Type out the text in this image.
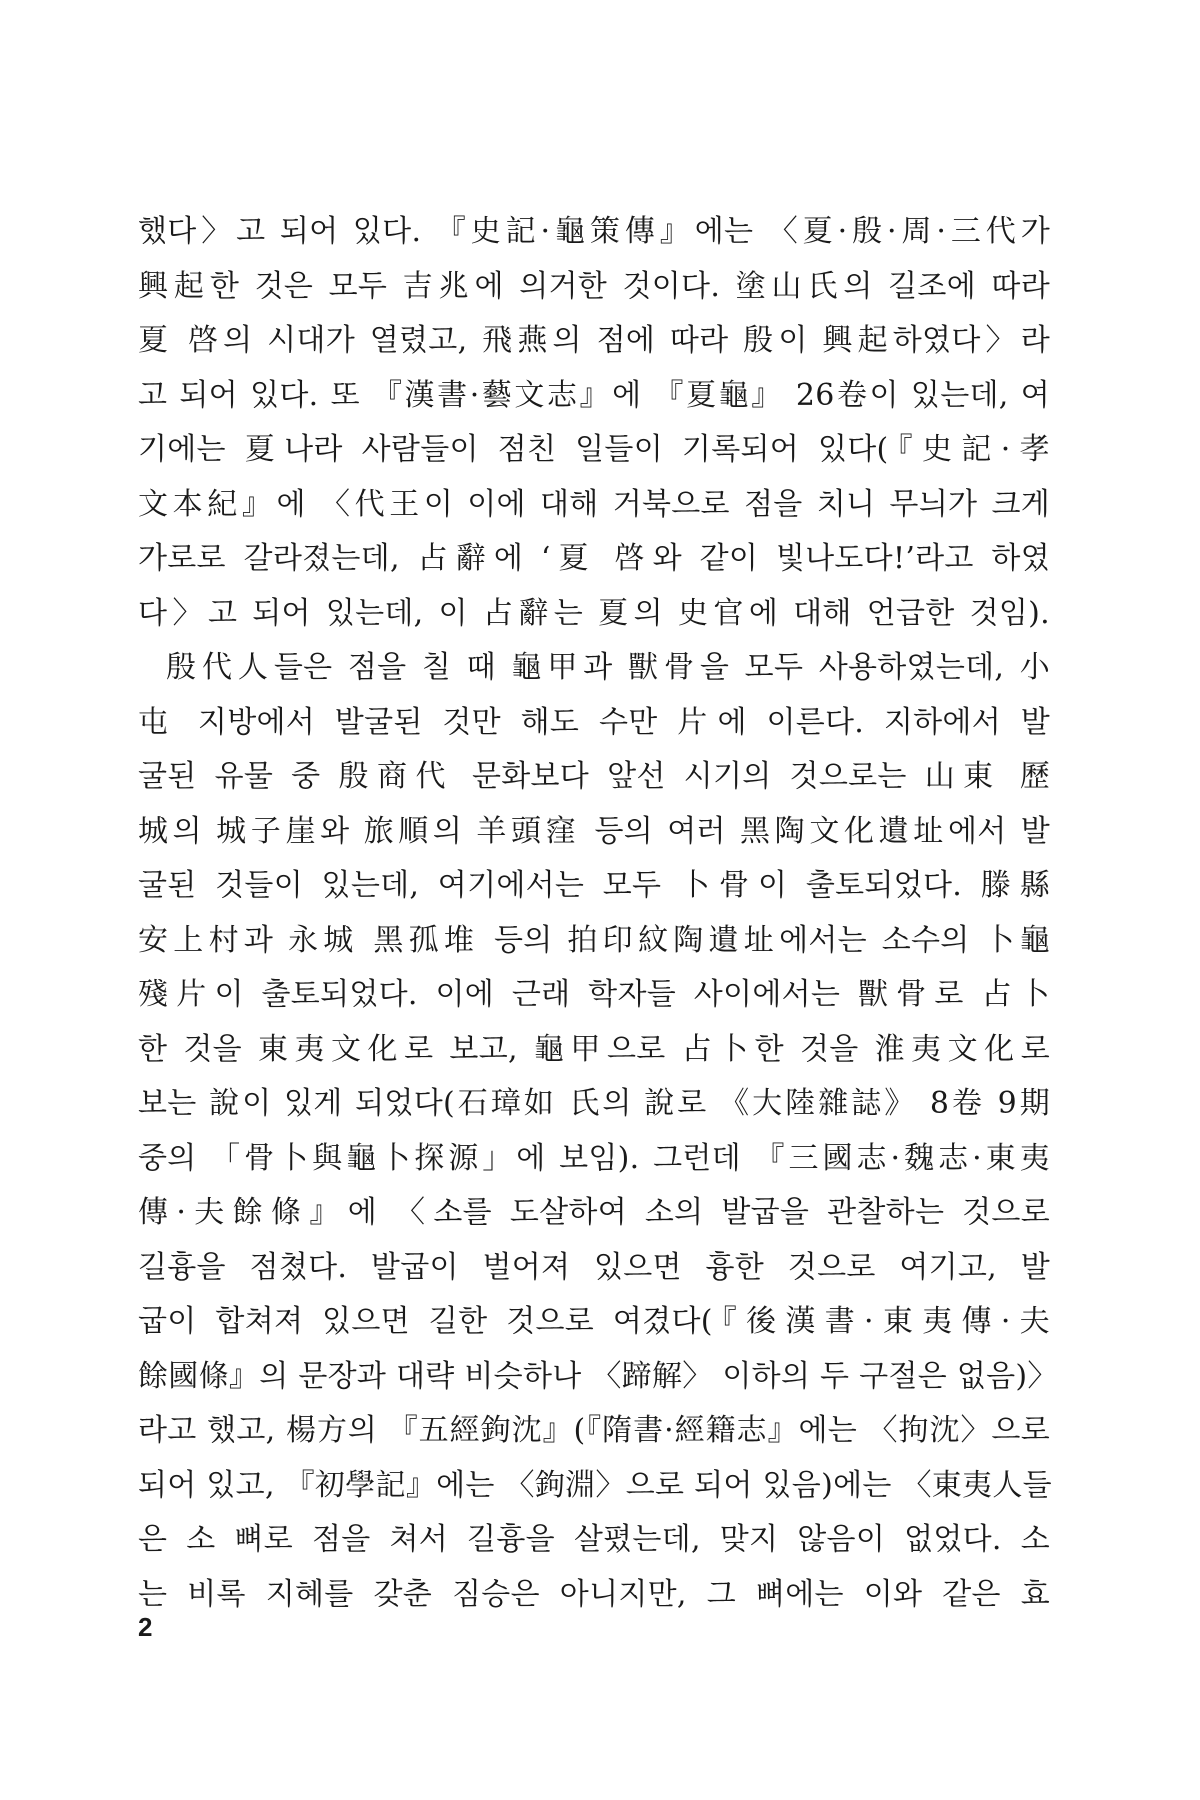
했다〉고 되어 있다. 『史記·龜策傳』에는 〈夏·殷·周·三代가
興起한 것은 모두 吉兆에 의거한 것이다. 塗山氏의 길조에 따라
夏 啓의 시대가 열렸고, 飛燕의 점에 따라 殷이 興起하였다〉라
고 되어 있다. 또 『漢書·藝文志』에 『夏龜』 26卷이 있는데, 여
기에는 夏나라 사람들이 점친 일들이 기록되어 있다(『史記·孝
文本紀』에 〈代王이 이에 대해 거북으로 점을 치니 무늬가 크게
가로로 갈라졌는데, 占辭에 ‘夏 啓와 같이 빛나도다!’라고 하였
다〉고 되어 있는데, 이 占辭는 夏의 史官에 대해 언급한 것임).
殷代人들은 점을 칠 때 龜甲과 獸骨을 모두 사용하였는데, 小
屯 지방에서 발굴된 것만 해도 수만 片에 이른다. 지하에서 발
굴된 유물 중 殷商代 문화보다 앞선 시기의 것으로는 山東 歷
城의 城子崖와 旅順의 羊頭窪 등의 여러 黑陶文化遺址에서 발
굴된 것들이 있는데, 여기에서는 모두 卜骨이 출토되었다. 滕縣
安上村과 永城 黑孤堆 등의 拍印紋陶遺址에서는 소수의 卜龜
殘片이 출토되었다. 이에 근래 학자들 사이에서는 獸骨로 占卜
한 것을 東夷文化로 보고, 龜甲으로 占卜한 것을 淮夷文化로
보는 說이 있게 되었다(石璋如 氏의 說로 《大陸雜誌》 8卷 9期
중의 「骨卜與龜卜探源」에 보임). 그런데 『三國志·魏志·東夷
傳·夫餘條』에 〈소를 도살하여 소의 발굽을 관찰하는 것으로
길흉을 점쳤다. 발굽이 벌어져 있으면 흉한 것으로 여기고, 발
굽이 합쳐져 있으면 길한 것으로 여겼다(『後漢書·東夷傳·夫
餘國條』의 문장과 대략 비슷하나 〈蹄解〉 이하의 두 구절은 없음)〉
라고 했고, 楊方의 『五經鉤沈』(『隋書·經籍志』에는 〈拘沈〉으로
되어 있고, 『初學記』에는 〈鉤淵〉으로 되어 있음)에는 〈東夷人들
은 소 뼈로 점을 쳐서 길흉을 살폈는데, 맞지 않음이 없었다. 소
는 비록 지혜를 갖춘 짐승은 아니지만, 그 뼈에는 이와 같은 효
2
